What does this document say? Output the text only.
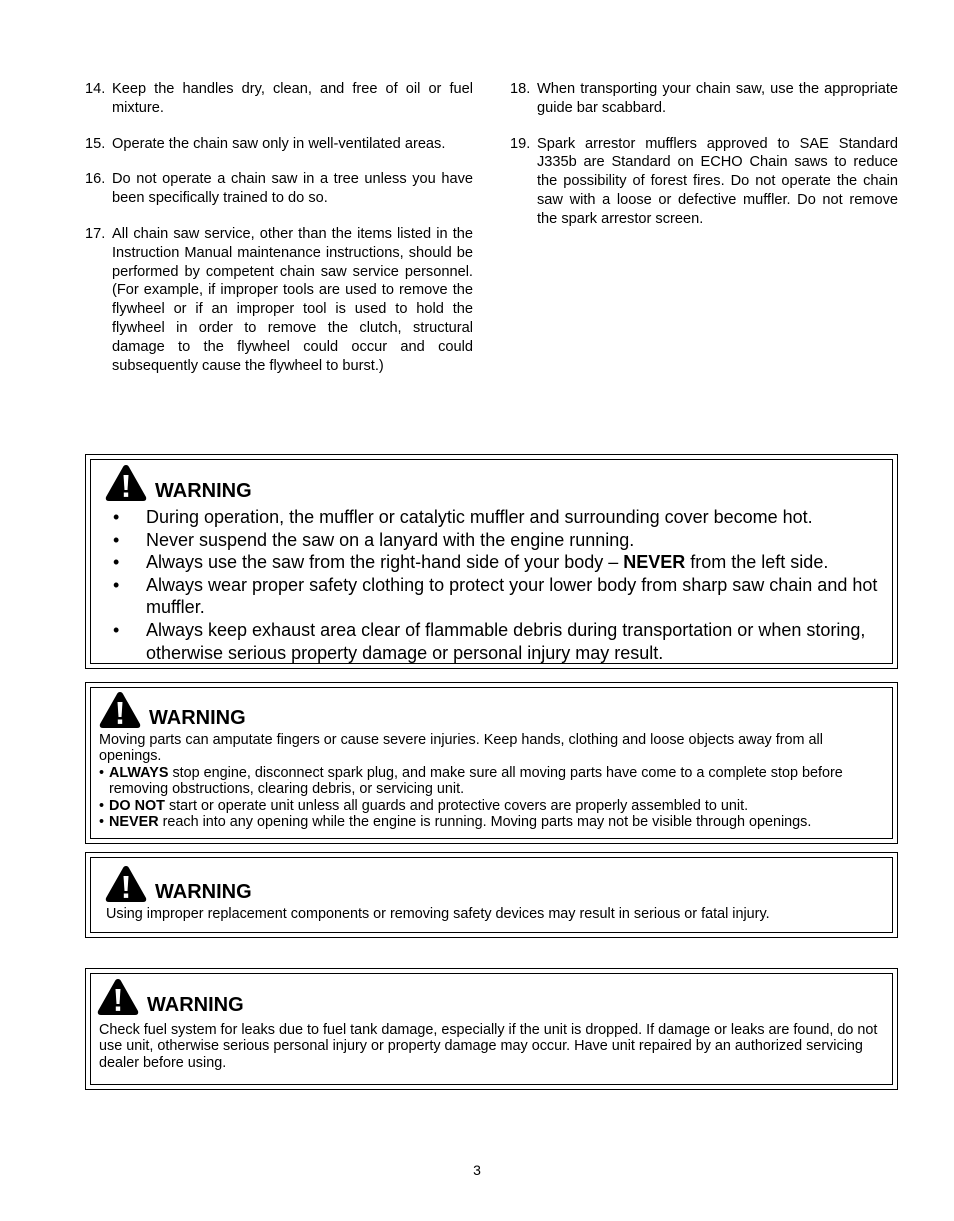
14. Keep the handles dry, clean, and free of oil or fuel mixture.
15. Operate the chain saw only in well-ventilated areas.
16. Do not operate a chain saw in a tree unless you have been specifically trained to do so.
17. All chain saw service, other than the items listed in the Instruction Manual maintenance instructions, should be performed by competent chain saw service personnel. (For example, if improper tools are used to remove the flywheel or if an improper tool is used to hold the flywheel in order to remove the clutch, structural damage to the flywheel could occur and could subsequently cause the flywheel to burst.)
18. When transporting your chain saw, use the appropriate guide bar scabbard.
19. Spark arrestor mufflers approved to SAE Standard J335b are Standard on ECHO Chain saws to reduce the possibility of forest fires. Do not operate the chain saw with a loose or defective muffler. Do not remove the spark arrestor screen.
WARNING
•	During operation, the muffler or catalytic muffler and surrounding cover become hot.
•	Never suspend the saw on a lanyard with the engine running.
•	Always use the saw from the right-hand side of your body – NEVER from the left side.
•	Always wear proper safety clothing to protect your lower body from sharp saw chain and hot muffler.
•	Always keep exhaust area clear of flammable debris during transportation or when storing, otherwise serious property damage or personal injury may result.
WARNING
Moving parts can amputate fingers or cause severe injuries. Keep hands, clothing and loose objects away from all openings.
• ALWAYS stop engine, disconnect spark plug, and make sure all moving parts have come to a complete stop before removing obstructions, clearing debris, or servicing unit.
• DO NOT start or operate unit unless all guards and protective covers are properly assembled to unit.
• NEVER reach into any opening while the engine is running. Moving parts may not be visible through openings.
WARNING
Using improper replacement components or removing safety devices may result in serious or fatal injury.
WARNING
Check fuel system for leaks due to fuel tank damage, especially if the unit is dropped. If damage or leaks are found, do not use unit, otherwise serious personal injury or property damage may occur. Have unit repaired by an authorized servicing dealer before using.
3
